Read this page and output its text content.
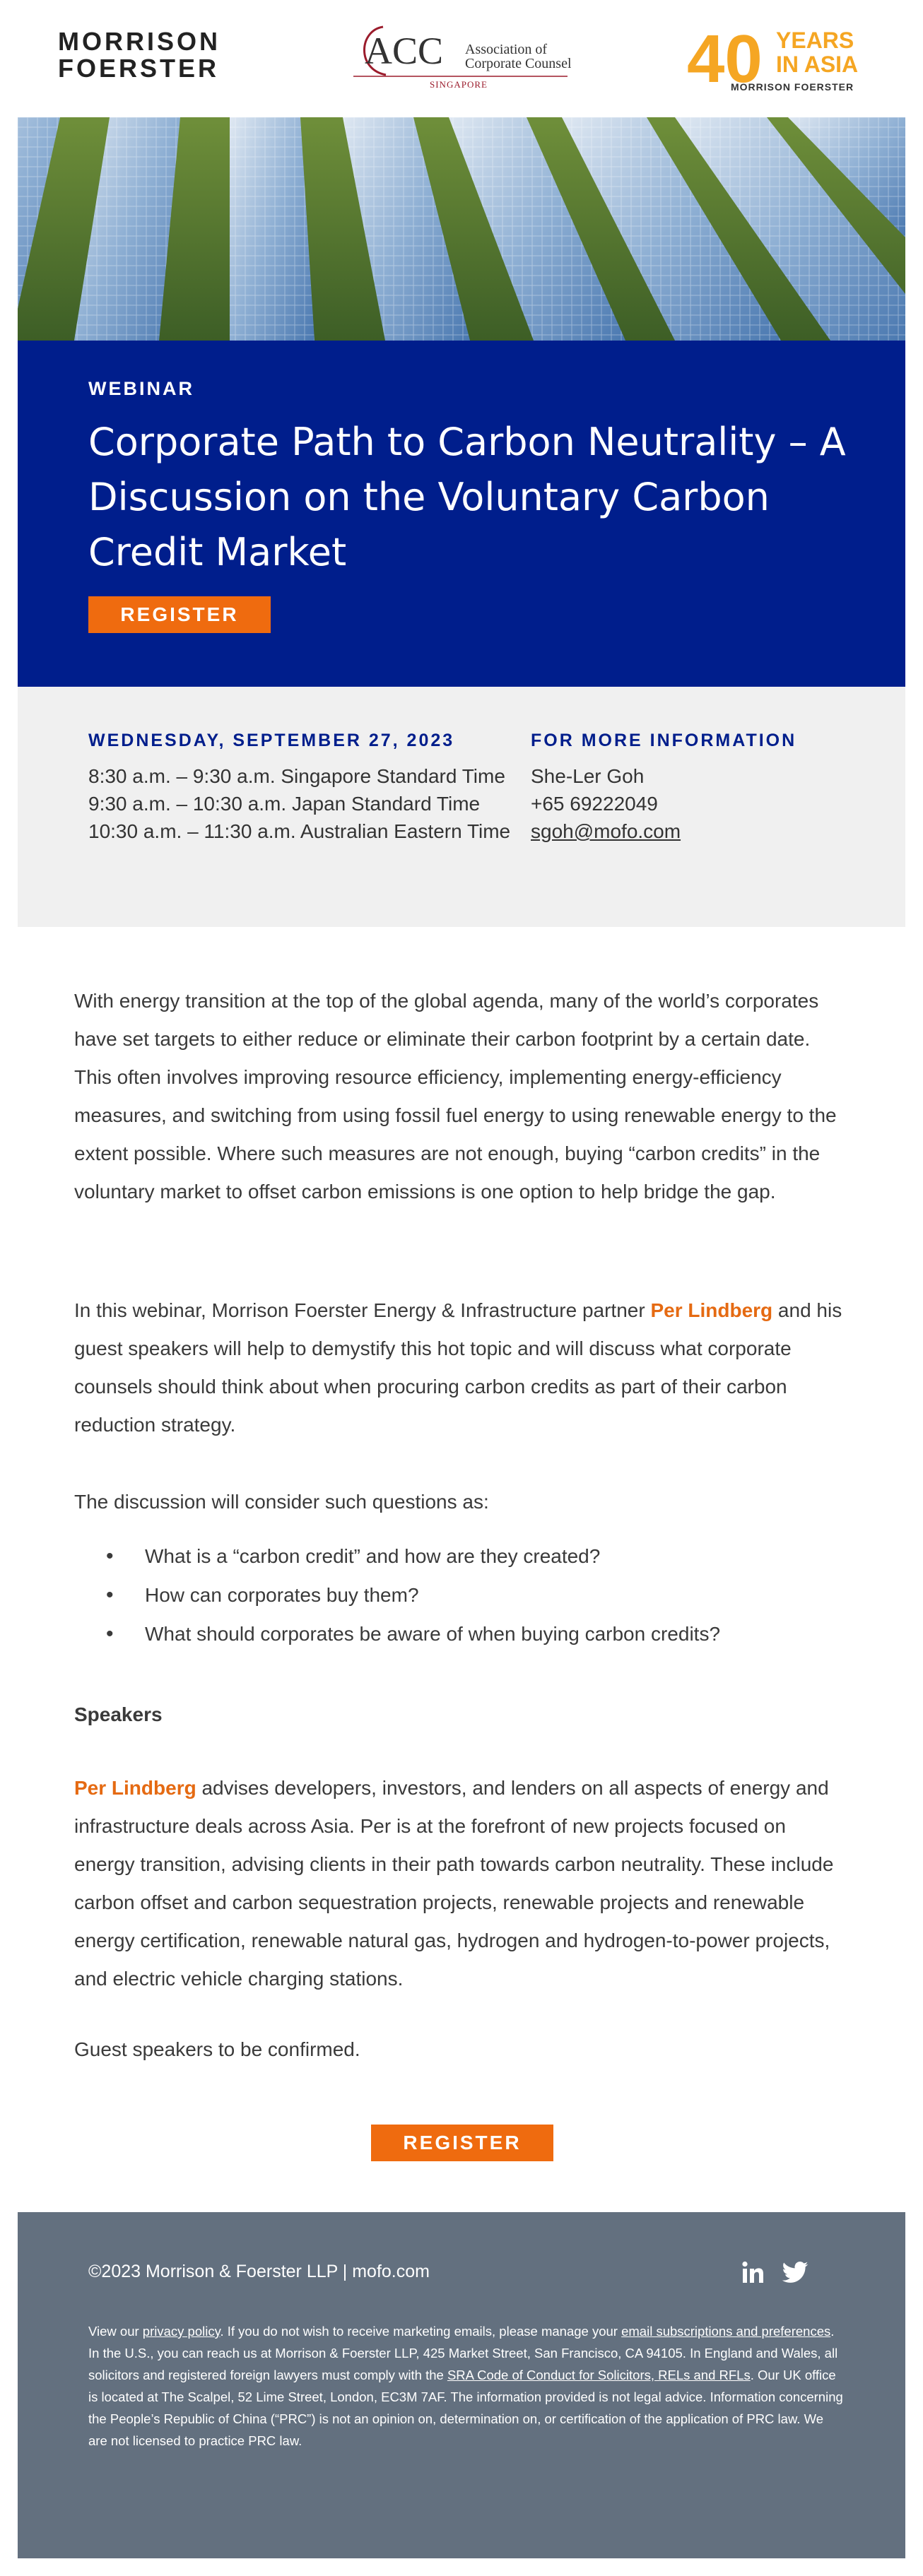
MORRISON
FOERSTER	ACC Association of
Corporate Counsel
SINGAPORE	40 YEARS
IN ASIA
MORRISON FOERSTER
WEBINAR
Corporate Path to Carbon Neutrality – A Discussion on the Voluntary Carbon Credit Market
REGISTER
WEDNESDAY, SEPTEMBER 27, 2023
8:30 a.m. – 9:30 a.m. Singapore Standard Time
9:30 a.m. – 10:30 a.m. Japan Standard Time
10:30 a.m. – 11:30 a.m. Australian Eastern Time
FOR MORE INFORMATION
She-Ler Goh
+65 69222049
sgoh@mofo.com

With energy transition at the top of the global agenda, many of the world’s corporates have set targets to either reduce or eliminate their carbon footprint by a certain date. This often involves improving resource efficiency, implementing energy-efficiency measures, and switching from using fossil fuel energy to using renewable energy to the extent possible. Where such measures are not enough, buying “carbon credits” in the voluntary market to offset carbon emissions is one option to help bridge the gap.

In this webinar, Morrison Foerster Energy & Infrastructure partner Per Lindberg and his guest speakers will help to demystify this hot topic and will discuss what corporate counsels should think about when procuring carbon credits as part of their carbon reduction strategy.

The discussion will consider such questions as:

• What is a “carbon credit” and how are they created?
• How can corporates buy them?
• What should corporates be aware of when buying carbon credits?

Speakers

Per Lindberg advises developers, investors, and lenders on all aspects of energy and infrastructure deals across Asia. Per is at the forefront of new projects focused on energy transition, advising clients in their path towards carbon neutrality. These include carbon offset and carbon sequestration projects, renewable projects and renewable energy certification, renewable natural gas, hydrogen and hydrogen-to-power projects, and electric vehicle charging stations.

Guest speakers to be confirmed.

REGISTER
©2023 Morrison & Foerster LLP | mofo.com
View our privacy policy. If you do not wish to receive marketing emails, please manage your email subscriptions and preferences. In the U.S., you can reach us at Morrison & Foerster LLP, 425 Market Street, San Francisco, CA 94105. In England and Wales, all solicitors and registered foreign lawyers must comply with the SRA Code of Conduct for Solicitors, RELs and RFLs. Our UK office is located at The Scalpel, 52 Lime Street, London, EC3M 7AF. The information provided is not legal advice. Information concerning the People’s Republic of China (“PRC”) is not an opinion on, determination on, or certification of the application of PRC law. We are not licensed to practice PRC law.
